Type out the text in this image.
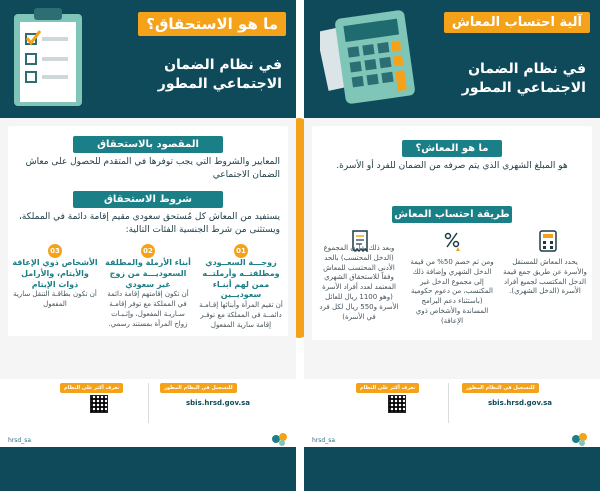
ما هو الاستحقاق؟
في نظام الضمان
الاجتماعي المطور
المقصود بالاستحقاق
المعايير والشروط التي يجب توفرها في المتقدم للحصول على معاش الضمان الاجتماعي
شروط الاستحقاق
يستفيد من المعاش كل مُستحق سعودي مقيم إقامة دائمة في المملكة، ويستثنى من شرط الجنسية الفئات التالية:
01
زوجـــة السعــودي ومطلقتــه وأرملتــه ممن لهم أبنـاء سعوديــين
أن تقيم المرأة وأبنائها إقـامـة دائمــة في المملكة مع توفـر إقامة سارية المفعول
02
أبناء الأرملة والمطلقة السعوديـــة من زوج غير سعودي
أن تكون إقامتهم إقامة دائمة في المملكة مع توفر إقامـة سـاريـة المفعول، وإثـبـات زواج المرأة بمستند رسمي.
03
الأشخاص ذوي الإعاقة والأيتام، والأرامل ذوات الإيتام
أن تكون بطاقـة التنقل سارية المفعول
تعرف أكثر على النظام	للتسجيل في النظام المطور
sbis.hrsd.gov.sa
hrsd_sa
آلية احتساب المعاش
في نظام الضمان
الاجتماعي المطور
ما هو المعاش؟
هو المبلغ الشهري الذي يتم صرفه من الضمان للفرد أو الأسرة.
طريقة احتساب المعاش
يحدد المعاش للمستقل والأسرة عن طريق جمع قيمة الدخل المكتسب لجميع أفراد الأسرة (الدخل الشهري).
ومن ثم خصم 50% من قيمة الدخل الشهري وإضافة ذلك إلى مجموع الدخل غير المكتسب، من دعوم حكومية (باستثناء دعم البرامج المساندة والأشخاص ذوي الإعاقة)
وبعد ذلك يقارن المجموع (الدخل المحتسب) بالحد الأدنى المحتسب للمعاش وفقاً للاستحقاق الشهري المعتمد لعدد أفراد الأسرة (وهو 1100 ريال للعائل الأسرة و550 ريال لكل فرد في الأسرة)
تعرف أكثر على النظام	للتسجيل في النظام المطور
sbis.hrsd.gov.sa
hrsd_sa
